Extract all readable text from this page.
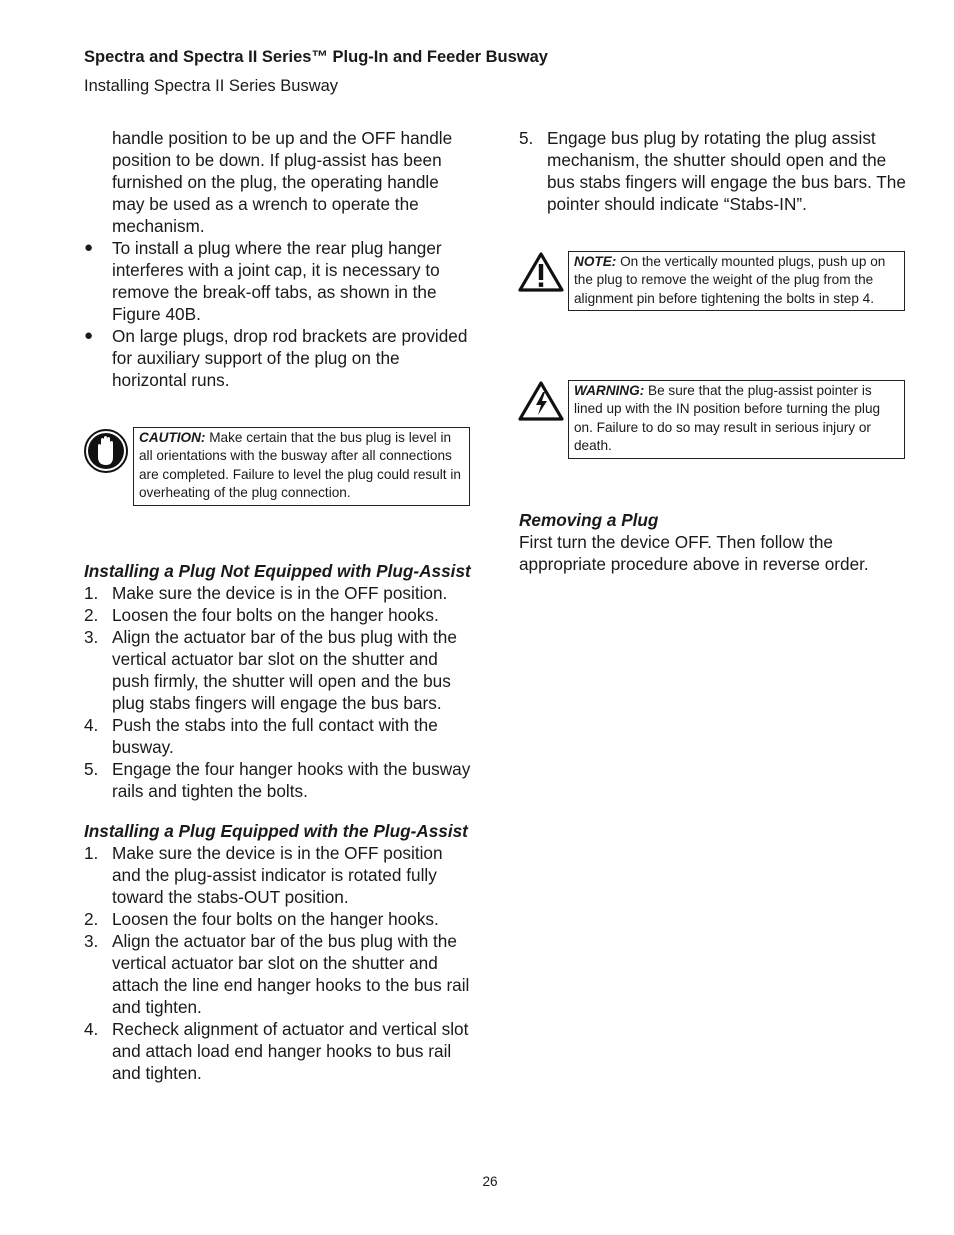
Spectra and Spectra II Series™ Plug-In and Feeder Busway
Installing Spectra II Series Busway

handle position to be up and the OFF handle position to be down. If plug-assist has been furnished on the plug, the operating handle may be used as a wrench to operate the mechanism.

●	To install a plug where the rear plug hanger interferes with a joint cap, it is necessary to remove the break-off tabs, as shown in the Figure 40B.
●	On large plugs, drop rod brackets are provided for auxiliary support of the plug on the horizontal runs.
CAUTION: Make certain that the bus plug is level in all orientations with the busway after all connections are completed. Failure to level the plug could result in overheating of the plug connection.
Installing a Plug Not Equipped with Plug-Assist
1. Make sure the device is in the OFF position.
2. Loosen the four bolts on the hanger hooks.
3. Align the actuator bar of the bus plug with the vertical actuator bar slot on the shutter and push firmly, the shutter will open and the bus plug stabs fingers will engage the bus bars.
4. Push the stabs into the full contact with the busway.
5. Engage the four hanger hooks with the busway rails and tighten the bolts.
Installing a Plug Equipped with the Plug-Assist
1. Make sure the device is in the OFF position and the plug-assist indicator is rotated fully toward the stabs-OUT position.
2. Loosen the four bolts on the hanger hooks.
3. Align the actuator bar of the bus plug with the vertical actuator bar slot on the shutter and attach the line end hanger hooks to the bus rail and tighten.
4. Recheck alignment of actuator and vertical slot and attach load end hanger hooks to bus rail and tighten.
5. Engage bus plug by rotating the plug assist mechanism, the shutter should open and the bus stabs fingers will engage the bus bars. The pointer should indicate “Stabs-IN”.
NOTE: On the vertically mounted plugs, push up on the plug to remove the weight of the plug from the alignment pin before tightening the bolts in step 4.
WARNING: Be sure that the plug-assist pointer is lined up with the IN position before turning the plug on. Failure to do so may result in serious injury or death.
Removing a Plug

First turn the device OFF. Then follow the appropriate procedure above in reverse order.

26
